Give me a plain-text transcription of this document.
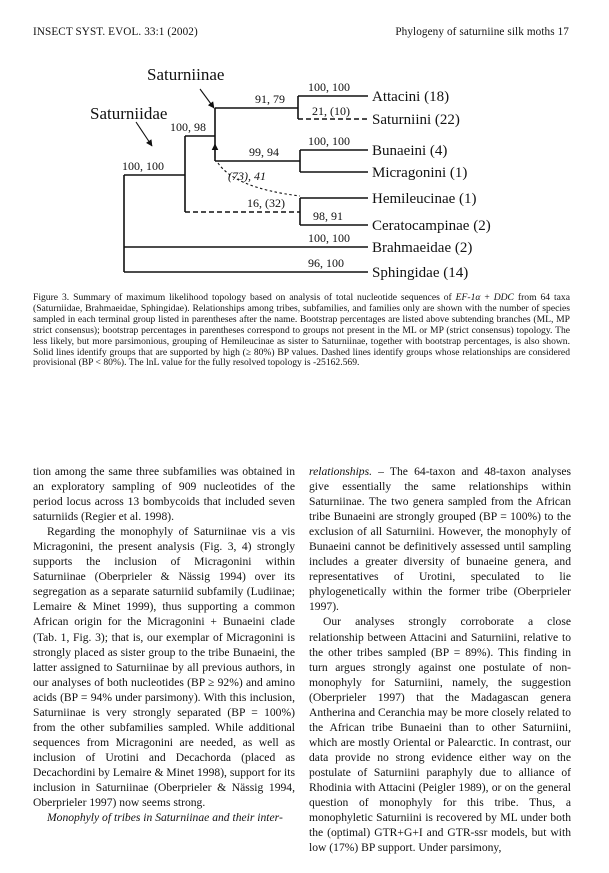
INSECT SYST. EVOL. 33:1 (2002)	Phylogeny of saturniine silk moths 17
Saturniinae
Saturniidae
Attacini (18)
Saturniini (22)
Bunaeini (4)
Micragonini (1)
Hemileucinae (1)
Ceratocampinae (2)
Brahmaeidae (2)
Sphingidae (14)
100, 100
21, (10)
100, 100
99, 94
91, 79
100, 98
(73), 41
98, 91
16, (32)
100, 100
100, 100
96, 100
Figure 3. Summary of maximum likelihood topology based on analysis of total nucleotide sequences of EF-1α + DDC from 64 taxa (Saturniidae, Brahmaeidae, Sphingidae). Relationships among tribes, subfamilies, and families only are shown with the number of species sampled in each terminal group listed in parentheses after the name. Bootstrap percentages are listed above subtending branches (ML, MP strict consensus); bootstrap percentages in parentheses correspond to groups not present in the ML or MP (strict consensus) topology. The less likely, but more parsimonious, grouping of Hemileucinae as sister to Saturniinae, together with bootstrap percentages, is also shown. Solid lines identify groups that are supported by high (≥ 80%) BP values. Dashed lines identify groups whose relationships are considered provisional (BP < 80%). The lnL value for the fully resolved topology is -25162.569.

tion among the same three subfamilies was obtained in an exploratory sampling of 909 nucleotides of the period locus across 13 bombycoids that included seven saturniids (Regier et al. 1998).

Regarding the monophyly of Saturniinae vis a vis Micragonini, the present analysis (Fig. 3, 4) strongly supports the inclusion of Micragonini within Saturniinae (Oberprieler & Nässig 1994) over its segregation as a separate saturniid subfamily (Ludiinae; Lemaire & Minet 1999), thus supporting a common African origin for the Micragonini + Bunaeini clade (Tab. 1, Fig. 3); that is, our exemplar of Micragonini is strongly placed as sister group to the tribe Bunaeini, the latter assigned to Saturniinae by all previous authors, in our analyses of both nucleotides (BP ≥ 92%) and amino acids (BP = 94% under parsimony). With this inclusion, Saturniinae is very strongly separated (BP = 100%) from the other subfamilies sampled. While additional sequences from Micragonini are needed, as well as inclusion of Urotini and Decachorda (placed as Decachordini by Lemaire & Minet 1998), support for its inclusion in Saturniinae (Oberprieler & Nässig 1994, Oberprieler 1997) now seems strong.

Monophyly of tribes in Saturniinae and their inter-

relationships. – The 64-taxon and 48-taxon analyses give essentially the same relationships within Saturniinae. The two genera sampled from the African tribe Bunaeini are strongly grouped (BP = 100%) to the exclusion of all Saturniini. However, the monophyly of Bunaeini cannot be definitively assessed until sampling includes a greater diversity of bunaeine genera, and representatives of Urotini, speculated to lie phylogenetically within the former tribe (Oberprieler 1997).

Our analyses strongly corroborate a close relationship between Attacini and Saturniini, relative to the other tribes sampled (BP = 89%). This finding in turn argues strongly against one postulate of non-monophyly for Saturniini, namely, the suggestion (Oberprieler 1997) that the Madagascan genera Antherina and Ceranchia may be more closely related to the African tribe Bunaeini than to other Saturniini, which are mostly Oriental or Palearctic. In contrast, our data provide no strong evidence either way on the postulate of Saturniini paraphyly due to alliance of Rhodinia with Attacini (Peigler 1989), or on the general question of monophyly for this tribe. Thus, a monophyletic Saturniini is recovered by ML under both the (optimal) GTR+G+I and GTR-ssr models, but with low (17%) BP support. Under parsimony,
